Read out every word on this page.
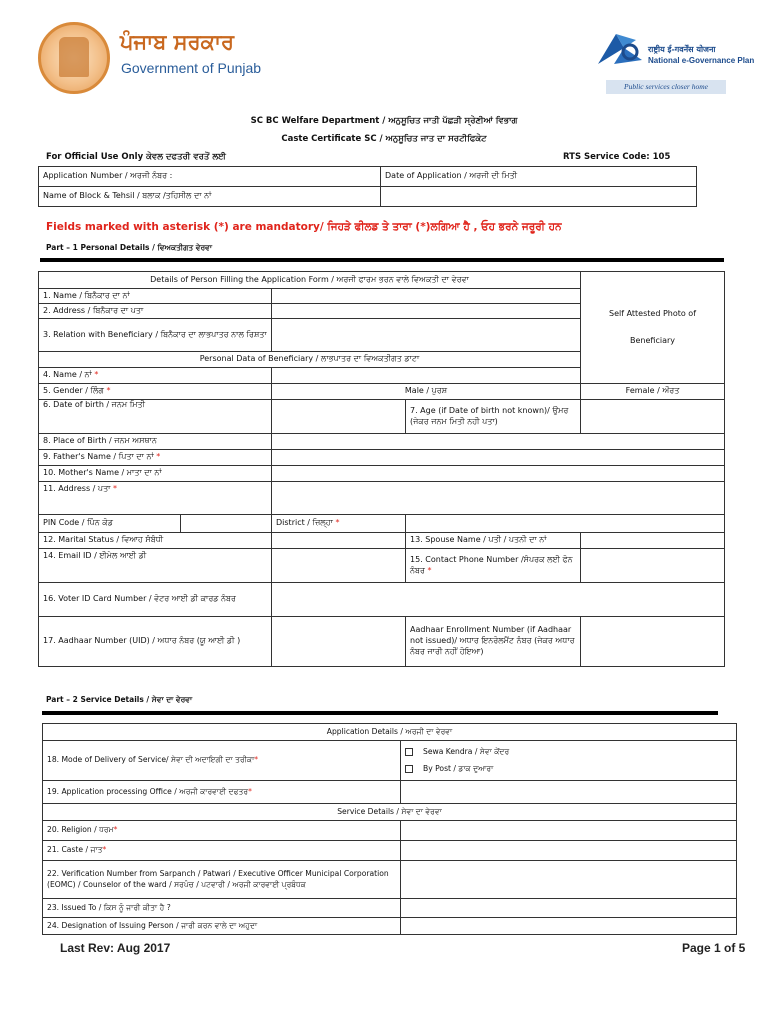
ਪੰਜਾਬ ਸਰਕਾਰ
Government of Punjab
राष्ट्रीय ई-गवर्नेंस योजना
National e-Governance Plan
Public services closer home
SC BC Welfare Department / ਅਨੁਸੂਚਿਤ ਜਾਤੀ ਪੱਛੜੀ ਸ੍ਰੇਣੀਆਂ ਵਿਭਾਗ
Caste Certificate SC / ਅਨੁਸੂਚਿਤ ਜਾਤ ਦਾ ਸਰਟੀਫਿਕੇਟ
For Official Use Only ਕੇਵਲ ਦਫਤਰੀ ਵਰਤੋਂ ਲਈ	RTS Service Code: 105
Application Number / ਅਰਜੀ ਨੰਬਰ :	Date of Application / ਅਰਜੀ ਦੀ ਮਿਤੀ
Name of Block & Tehsil / ਬਲਾਕ /ਤਹਿਸੀਲ ਦਾ ਨਾਂ	
Fields marked with asterisk (*) are mandatory/ ਜਿਹੜੇ ਫੀਲਡ ਤੇ ਤਾਰਾ (*)ਲਗਿਆ ਹੈ , ਓਹ ਭਰਨੇ ਜਰੂਰੀ ਹਨ
Part – 1 Personal Details / ਵਿਅਕਤੀਗਤ ਵੇਰਵਾ
Details of Person Filling the Application Form / ਅਰਜੀ ਫਾਰਮ ਭਰਨ ਵਾਲੇ ਵਿਅਕਤੀ ਦਾ ਵੇਰਵਾ				Self Attested Photo of
Beneficiary

1. Name / ਬਿਨੈਕਾਰ ਦਾ ਨਾਂ				
2. Address / ਬਿਨੈਕਾਰ ਦਾ ਪਤਾ				
3. Relation with Beneficiary / ਬਿਨੈਕਾਰ ਦਾ ਲਾਭਪਾਤਰ ਨਾਲ ਰਿਸ਼ਤਾ				
Personal Data of Beneficiary / ਲਾਭਪਾਤਰ ਦਾ ਵਿਅਕਤੀਗਤ ਡਾਟਾ				
4. Name / ਨਾਂ *				
5. Gender / ਲਿੰਗ *		Male / ਪੁਰਸ਼		Female / ਔਰਤ
6. Date of birth / ਜਨਮ ਮਿਤੀ			7. Age (if Date of birth not known)/ ਉਮਰ (ਜੇਕਰ ਜਨਮ ਮਿਤੀ ਨਹੀ ਪਤਾ)	
8. Place of Birth / ਜਨਮ ਅਸਥਾਨ				
9. Father's Name / ਪਿਤਾ ਦਾ ਨਾਂ *				
10. Mother's Name / ਮਾਤਾ ਦਾ ਨਾਂ				
11. Address / ਪਤਾ *				
PIN Code / ਪਿੰਨ ਕੋਡ		District / ਜ਼ਿਲ੍ਹਾ *		
12. Marital Status / ਵਿਆਹ ਸੰਬੰਧੀ			13. Spouse Name / ਪਤੀ / ਪਤਨੀ ਦਾ ਨਾਂ	
14. Email ID / ਈਮੇਲ ਆਈ ਡੀ			15. Contact Phone Number /ਸੰਪਰਕ ਲਈ ਫੋਨ ਨੰਬਰ *	
16. Voter ID Card Number / ਵੋਟਰ ਆਈ ਡੀ ਕਾਰਡ ਨੰਬਰ				
17. Aadhaar Number (UID) / ਅਧਾਰ ਨੰਬਰ (ਯੂ ਆਈ ਡੀ )			Aadhaar Enrollment Number (if Aadhaar not issued)/ ਅਧਾਰ ਇਨਰੋਲਮੈਂਟ ਨੰਬਰ (ਜੇਕਰ ਅਧਾਰ ਨੰਬਰ ਜਾਰੀ ਨਹੀਂ ਹੋਇਆ)	
Part – 2 Service Details / ਸੇਵਾ ਦਾ ਵੇਰਵਾ
Application Details / ਅਰਜੀ ਦਾ ਵੇਰਵਾ	
18. Mode of Delivery of Service/ ਸੇਵਾ ਦੀ ਅਦਾਇਗੀ ਦਾ ਤਰੀਕਾ*	Sewa Kendra / ਸੇਵਾ ਕੇਂਦਰ
By Post / ਡਾਕ ਦੁਆਰਾ

19. Application processing Office / ਅਰਜੀ ਕਾਰਵਾਈ ਦਫਤਰ*	
Service Details / ਸੇਵਾ ਦਾ ਵੇਰਵਾ	
20. Religion / ਧਰਮ*	
21. Caste / ਜਾਤ*	
22. Verification Number from Sarpanch / Patwari / Executive Officer Municipal Corporation (EOMC) / Counselor of the ward / ਸਰਪੰਚ / ਪਟਵਾਰੀ / ਅਰਜੀ ਕਾਰਵਾਈ ਪ੍ਰਬੰਧਕ	
23. Issued To / ਕਿਸ ਨੂੰ ਜਾਰੀ ਕੀਤਾ ਹੈ ?	
24. Designation of Issuing Person / ਜਾਰੀ ਕਰਨ ਵਾਲੇ ਦਾ ਅਹੁਦਾ	
Last Rev: Aug 2017	Page 1 of 5
